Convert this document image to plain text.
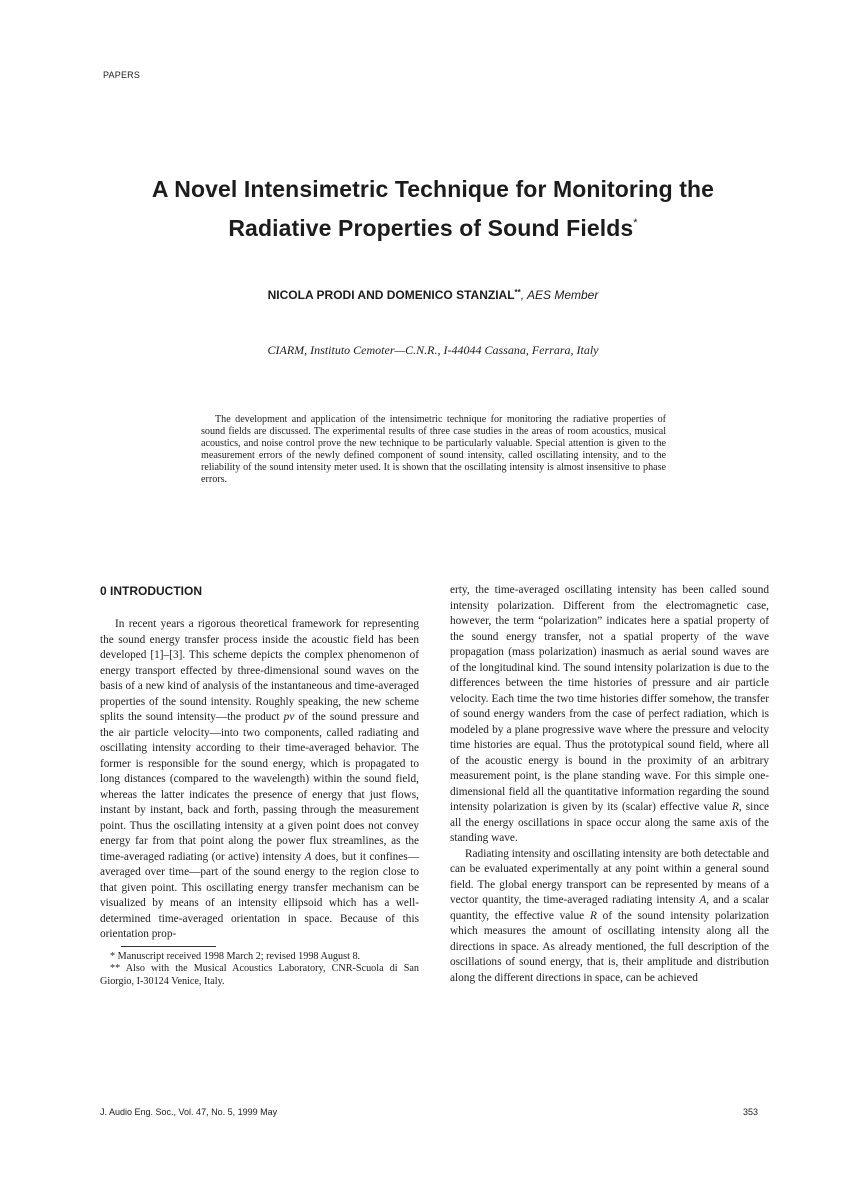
PAPERS
A Novel Intensimetric Technique for Monitoring the
Radiative Properties of Sound Fields*
NICOLA PRODI AND DOMENICO STANZIAL**, AES Member
CIARM, Instituto Cemoter—C.N.R., I-44044 Cassana, Ferrara, Italy

The development and application of the intensimetric technique for monitoring the radiative properties of sound fields are discussed. The experimental results of three case studies in the areas of room acoustics, musical acoustics, and noise control prove the new technique to be particularly valuable. Special attention is given to the measurement errors of the newly defined component of sound intensity, called oscillating intensity, and to the reliability of the sound intensity meter used. It is shown that the oscillating intensity is almost insensitive to phase errors.

0 INTRODUCTION

In recent years a rigorous theoretical framework for representing the sound energy transfer process inside the acoustic field has been developed [1]–[3]. This scheme depicts the complex phenomenon of energy transport effected by three-dimensional sound waves on the basis of a new kind of analysis of the instantaneous and time-averaged properties of the sound intensity. Roughly speaking, the new scheme splits the sound intensity—the product pv of the sound pressure and the air particle velocity—into two components, called radiating and oscillating intensity according to their time-averaged behavior. The former is responsible for the sound energy, which is propagated to long distances (compared to the wavelength) within the sound field, whereas the latter indicates the presence of energy that just flows, instant by instant, back and forth, passing through the measurement point. Thus the oscillating intensity at a given point does not convey energy far from that point along the power flux streamlines, as the time-averaged radiating (or active) intensity A does, but it confines—averaged over time—part of the sound energy to the region close to that given point. This oscillating energy transfer mechanism can be visualized by means of an intensity ellipsoid which has a well-determined time-averaged orientation in space. Because of this orientation prop-

* Manuscript received 1998 March 2; revised 1998 August 8.

** Also with the Musical Acoustics Laboratory, CNR-Scuola di San Giorgio, I-30124 Venice, Italy.

erty, the time-averaged oscillating intensity has been called sound intensity polarization. Different from the electromagnetic case, however, the term “polarization” indicates here a spatial property of the sound energy transfer, not a spatial property of the wave propagation (mass polarization) inasmuch as aerial sound waves are of the longitudinal kind. The sound intensity polarization is due to the differences between the time histories of pressure and air particle velocity. Each time the two time histories differ somehow, the transfer of sound energy wanders from the case of perfect radiation, which is modeled by a plane progressive wave where the pressure and velocity time histories are equal. Thus the prototypical sound field, where all of the acoustic energy is bound in the proximity of an arbitrary measurement point, is the plane standing wave. For this simple one-dimensional field all the quantitative information regarding the sound intensity polarization is given by its (scalar) effective value R, since all the energy oscillations in space occur along the same axis of the standing wave.

Radiating intensity and oscillating intensity are both detectable and can be evaluated experimentally at any point within a general sound field. The global energy transport can be represented by means of a vector quantity, the time-averaged radiating intensity A, and a scalar quantity, the effective value R of the sound intensity polarization which measures the amount of oscillating intensity along all the directions in space. As already mentioned, the full description of the oscillations of sound energy, that is, their amplitude and distribution along the different directions in space, can be achieved

J. Audio Eng. Soc., Vol. 47, No. 5, 1999 May	353
